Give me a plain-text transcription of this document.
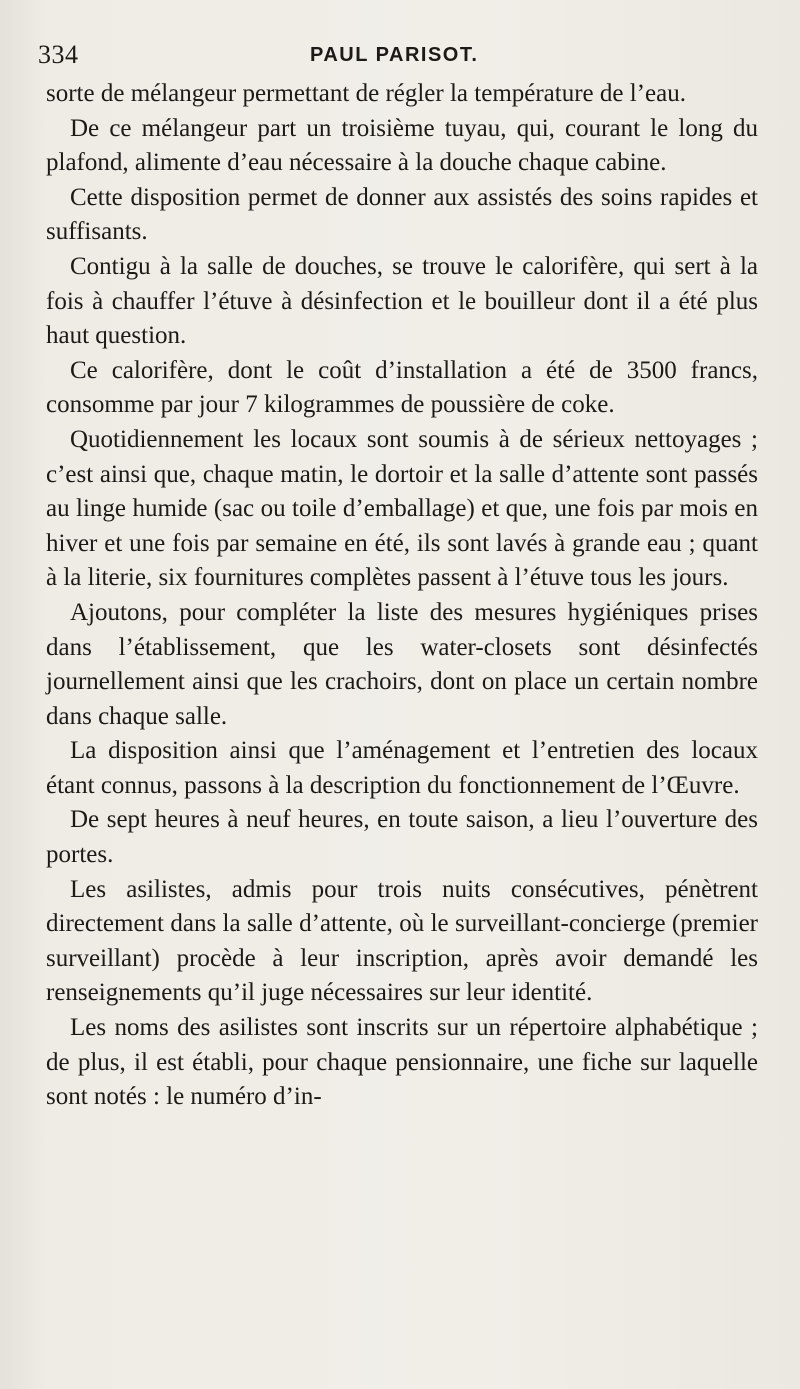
334	PAUL PARISOT.

sorte de mélangeur permettant de régler la température de l’eau.

De ce mélangeur part un troisième tuyau, qui, courant le long du plafond, alimente d’eau nécessaire à la douche chaque cabine.

Cette disposition permet de donner aux assistés des soins rapides et suffisants.

Contigu à la salle de douches, se trouve le calorifère, qui sert à la fois à chauffer l’étuve à désinfection et le bouilleur dont il a été plus haut question.

Ce calorifère, dont le coût d’installation a été de 3500 francs, consomme par jour 7 kilogrammes de poussière de coke.

Quotidiennement les locaux sont soumis à de sérieux nettoyages ; c’est ainsi que, chaque matin, le dortoir et la salle d’attente sont passés au linge humide (sac ou toile d’emballage) et que, une fois par mois en hiver et une fois par semaine en été, ils sont lavés à grande eau ; quant à la literie, six fournitures complètes passent à l’étuve tous les jours.

Ajoutons, pour compléter la liste des mesures hygiéniques prises dans l’établissement, que les water-closets sont désinfectés journellement ainsi que les crachoirs, dont on place un certain nombre dans chaque salle.

La disposition ainsi que l’aménagement et l’entretien des locaux étant connus, passons à la description du fonctionnement de l’Œuvre.

De sept heures à neuf heures, en toute saison, a lieu l’ouverture des portes.

Les asilistes, admis pour trois nuits consécutives, pénètrent directement dans la salle d’attente, où le surveillant-concierge (premier surveillant) procède à leur inscription, après avoir demandé les renseignements qu’il juge nécessaires sur leur identité.

Les noms des asilistes sont inscrits sur un répertoire alphabétique ; de plus, il est établi, pour chaque pensionnaire, une fiche sur laquelle sont notés : le numéro d’in-
